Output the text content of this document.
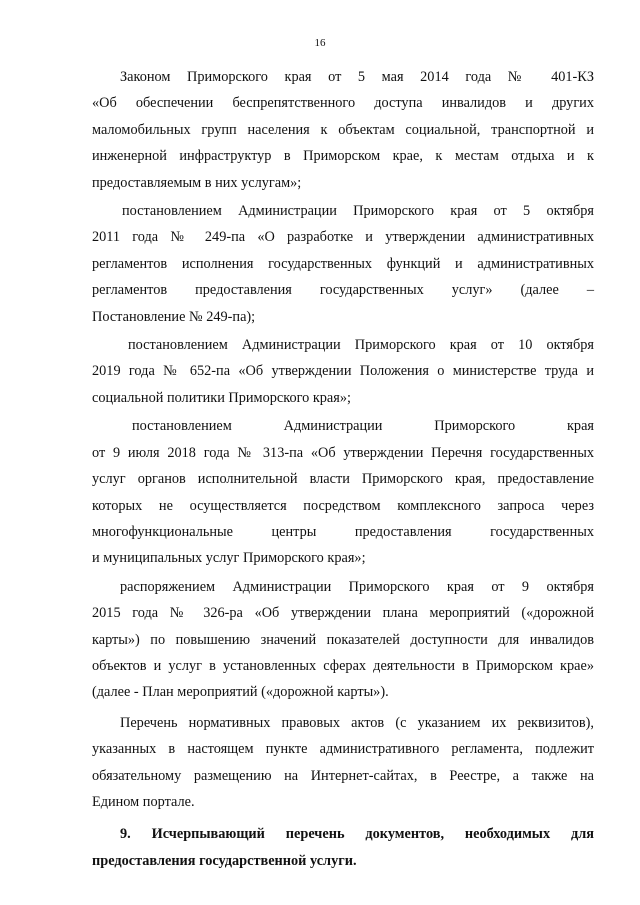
16

Законом Приморского края от 5 мая 2014 года № 401-КЗ
«Об обеспечении беспрепятственного доступа инвалидов и других
маломобильных групп населения к объектам социальной, транспортной и
инженерной инфраструктур в Приморском крае, к местам отдыха и к
предоставляемым в них услугам»;

постановлением Администрации Приморского края от 5 октября
2011 года № 249-па «О разработке и утверждении административных
регламентов исполнения государственных функций и административных
регламентов предоставления государственных услуг» (далее –
Постановление № 249-па);

постановлением Администрации Приморского края от 10 октября
2019 года № 652-па «Об утверждении Положения о министерстве труда и
социальной политики Приморского края»;

постановлением Администрации Приморского края
от 9 июля 2018 года № 313-па «Об утверждении Перечня государственных
услуг органов исполнительной власти Приморского края, предоставление
которых не осуществляется посредством комплексного запроса через
многофункциональные центры предоставления государственных
и муниципальных услуг Приморского края»;

распоряжением Администрации Приморского края от 9 октября
2015 года № 326-ра «Об утверждении плана мероприятий («дорожной
карты») по повышению значений показателей доступности для инвалидов
объектов и услуг в установленных сферах деятельности в Приморском крае»
(далее - План мероприятий («дорожной карты»).

Перечень нормативных правовых актов (с указанием их реквизитов),
указанных в настоящем пункте административного регламента, подлежит
обязательному размещению на Интернет-сайтах, в Реестре, а также на
Едином портале.

9. Исчерпывающий перечень документов, необходимых для
предоставления государственной услуги.
